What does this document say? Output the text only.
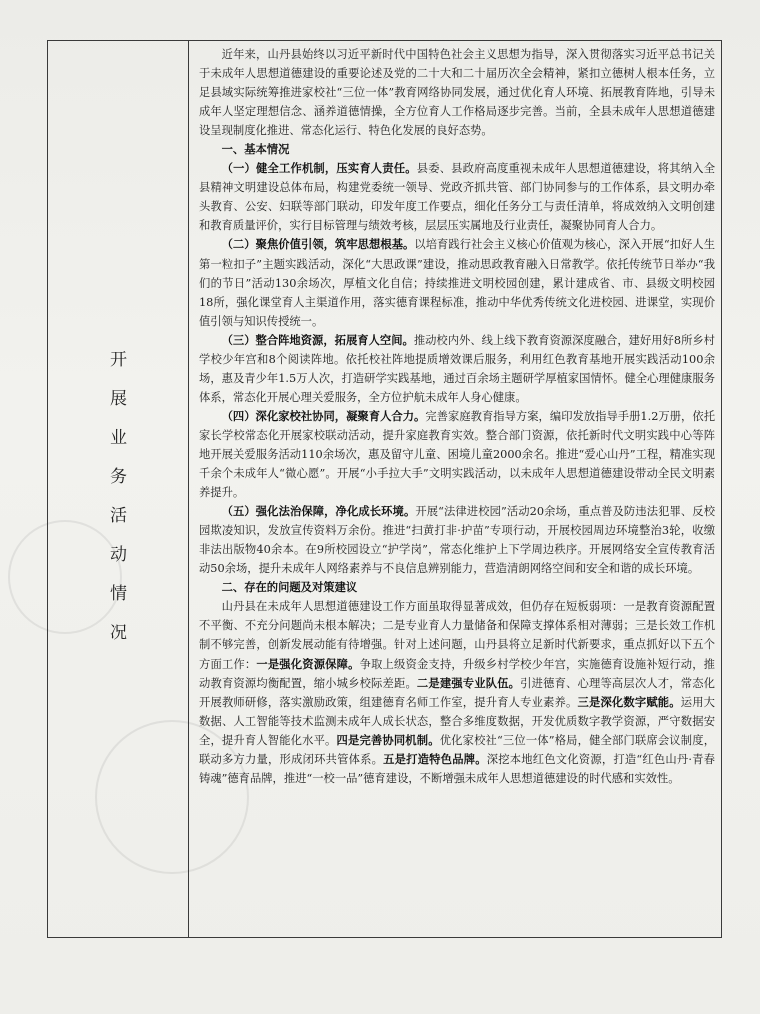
开
展
业
务
活
动
情
况

近年来，山丹县始终以习近平新时代中国特色社会主义思想为指导，深入贯彻落实习近平总书记关于未成年人思想道德建设的重要论述及党的二十大和二十届历次全会精神，紧扣立德树人根本任务，立足县域实际统筹推进家校社“三位一体”教育网络协同发展，通过优化育人环境、拓展教育阵地，引导未成年人坚定理想信念、涵养道德情操，全方位育人工作格局逐步完善。当前，全县未成年人思想道德建设呈现制度化推进、常态化运行、特色化发展的良好态势。

一、基本情况

（一）健全工作机制，压实育人责任。县委、县政府高度重视未成年人思想道德建设，将其纳入全县精神文明建设总体布局，构建党委统一领导、党政齐抓共管、部门协同参与的工作体系，县文明办牵头教育、公安、妇联等部门联动，印发年度工作要点，细化任务分工与责任清单，将成效纳入文明创建和教育质量评价，实行目标管理与绩效考核，层层压实属地及行业责任，凝聚协同育人合力。

（二）聚焦价值引领，筑牢思想根基。以培育践行社会主义核心价值观为核心，深入开展“扣好人生第一粒扣子”主题实践活动，深化“大思政课”建设，推动思政教育融入日常教学。依托传统节日举办“我们的节日”活动130余场次，厚植文化自信；持续推进文明校园创建，累计建成省、市、县级文明校园18所，强化课堂育人主渠道作用，落实德育课程标准，推动中华优秀传统文化进校园、进课堂，实现价值引领与知识传授统一。

（三）整合阵地资源，拓展育人空间。推动校内外、线上线下教育资源深度融合，建好用好8所乡村学校少年宫和8个阅读阵地。依托校社阵地提质增效课后服务，利用红色教育基地开展实践活动100余场，惠及青少年1.5万人次，打造研学实践基地，通过百余场主题研学厚植家国情怀。健全心理健康服务体系，常态化开展心理关爱服务，全方位护航未成年人身心健康。

（四）深化家校社协同，凝聚育人合力。完善家庭教育指导方案，编印发放指导手册1.2万册，依托家长学校常态化开展家校联动活动，提升家庭教育实效。整合部门资源，依托新时代文明实践中心等阵地开展关爱服务活动110余场次，惠及留守儿童、困境儿童2000余名。推进“爱心山丹”工程，精准实现千余个未成年人“微心愿”。开展“小手拉大手”文明实践活动，以未成年人思想道德建设带动全民文明素养提升。

（五）强化法治保障，净化成长环境。开展“法律进校园”活动20余场，重点普及防违法犯罪、反校园欺凌知识，发放宣传资料万余份。推进“扫黄打非·护苗”专项行动，开展校园周边环境整治3轮，收缴非法出版物40余本。在9所校园设立“护学岗”，常态化维护上下学周边秩序。开展网络安全宣传教育活动50余场，提升未成年人网络素养与不良信息辨别能力，营造清朗网络空间和安全和谐的成长环境。

二、存在的问题及对策建议

山丹县在未成年人思想道德建设工作方面虽取得显著成效，但仍存在短板弱项：一是教育资源配置不平衡、不充分问题尚未根本解决；二是专业育人力量储备和保障支撑体系相对薄弱；三是长效工作机制不够完善，创新发展动能有待增强。针对上述问题，山丹县将立足新时代新要求，重点抓好以下五个方面工作：一是强化资源保障。争取上级资金支持，升级乡村学校少年宫，实施德育设施补短行动，推动教育资源均衡配置，缩小城乡校际差距。二是建强专业队伍。引进德育、心理等高层次人才，常态化开展教师研修，落实激励政策，组建德育名师工作室，提升育人专业素养。三是深化数字赋能。运用大数据、人工智能等技术监测未成年人成长状态，整合多维度数据，开发优质数字教学资源，严守数据安全，提升育人智能化水平。四是完善协同机制。优化家校社“三位一体”格局，健全部门联席会议制度，联动多方力量，形成闭环共管体系。五是打造特色品牌。深挖本地红色文化资源，打造“红色山丹·青春铸魂”德育品牌，推进“一校一品”德育建设，不断增强未成年人思想道德建设的时代感和实效性。
